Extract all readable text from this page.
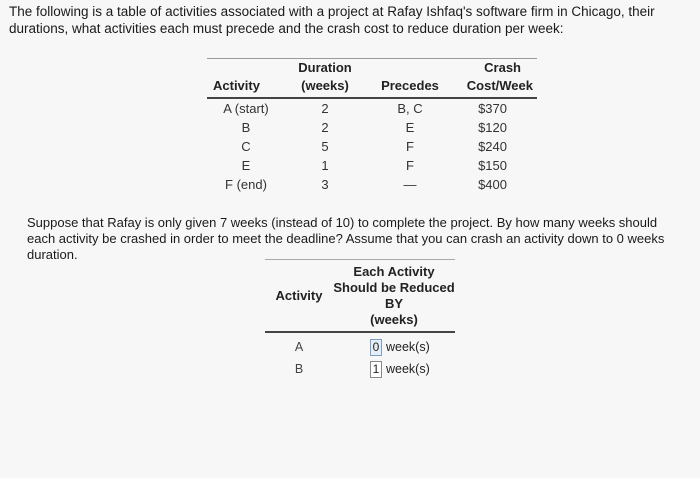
The following is a table of activities associated with a project at Rafay Ishfaq's software firm in Chicago, their durations, what activities each must precede and the crash cost to reduce duration per week:
	Duration		Crash
Activity	(weeks)	Precedes	Cost/Week
A (start)	2	B, C	$370
B	2	E	$120
C	5	F	$240
E	1	F	$150
F (end)	3	—	$400
Suppose that Rafay is only given 7 weeks (instead of 10) to complete the project. By how many weeks should each activity be crashed in order to meet the deadline? Assume that you can crash an activity down to 0 weeks duration.
Activity
Each Activity
Should be Reduced
BY
(weeks)
A	0 week(s)
B	1 week(s)
